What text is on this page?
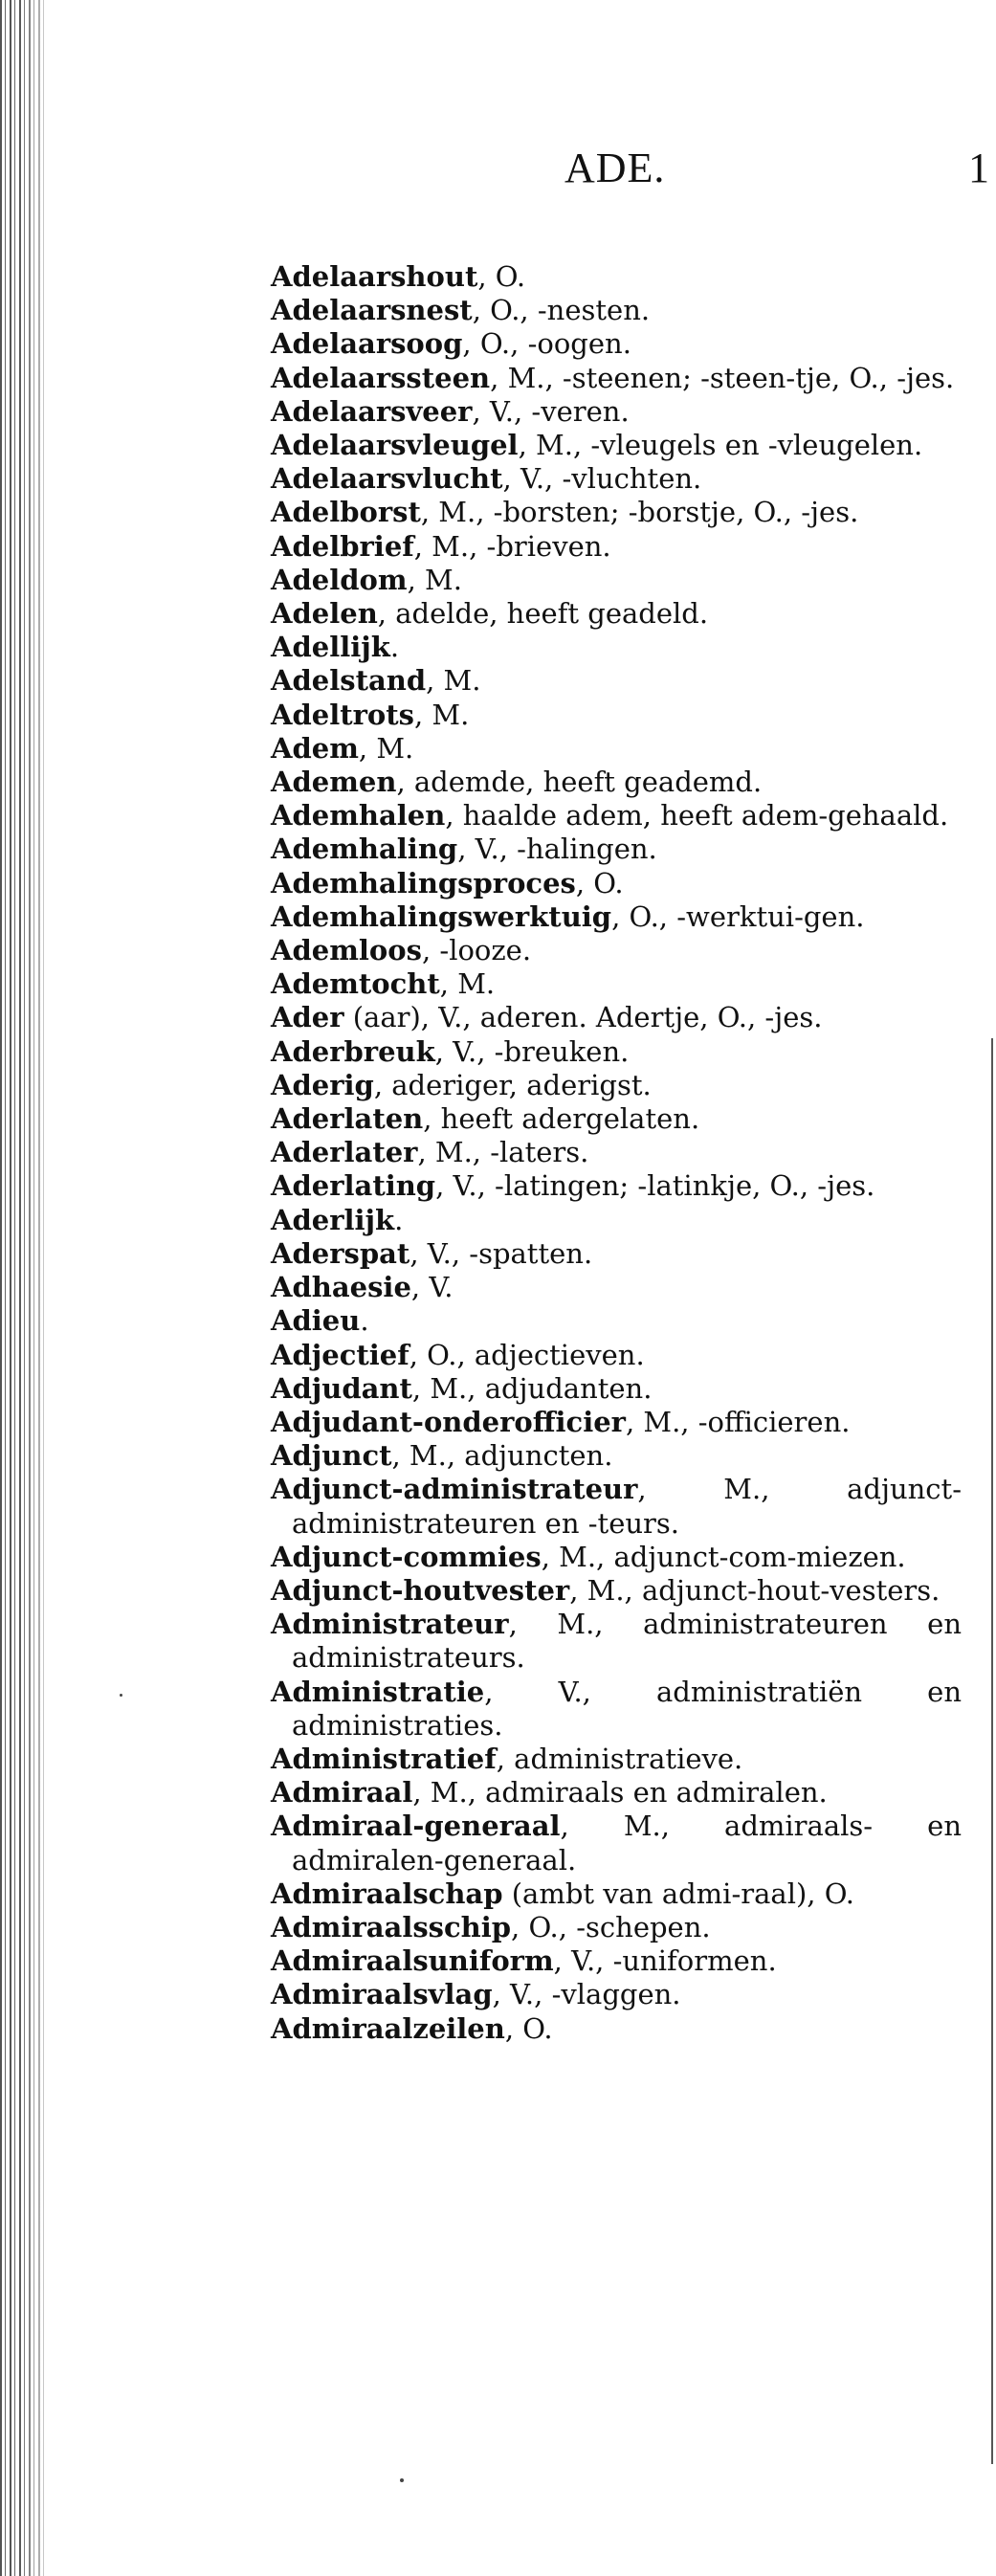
ADE.	1
Adelaarshout, O.
Adelaarsnest, O., -nesten.
Adelaarsoog, O., -oogen.
Adelaarssteen, M., -steenen; -steen-tje, O., -jes.
Adelaarsveer, V., -veren.
Adelaarsvleugel, M., -vleugels en -vleugelen.
Adelaarsvlucht, V., -vluchten.
Adelborst, M., -borsten; -borstje, O., -jes.
Adelbrief, M., -brieven.
Adeldom, M.
Adelen, adelde, heeft geadeld.
Adellijk.
Adelstand, M.
Adeltrots, M.
Adem, M.
Ademen, ademde, heeft geademd.
Ademhalen, haalde adem, heeft adem-gehaald.
Ademhaling, V., -halingen.
Ademhalingsproces, O.
Ademhalingswerktuig, O., -werktui-gen.
Ademloos, -looze.
Ademtocht, M.
Ader (aar), V., aderen. Adertje, O., -jes.
Aderbreuk, V., -breuken.
Aderig, aderiger, aderigst.
Aderlaten, heeft adergelaten.
Aderlater, M., -laters.
Aderlating, V., -latingen; -latinkje, O., -jes.
Aderlijk.
Aderspat, V., -spatten.
Adhaesie, V.
Adieu.
Adjectief, O., adjectieven.
Adjudant, M., adjudanten.
Adjudant-onderofficier, M., -officieren.
Adjunct, M., adjuncten.
Adjunct-administrateur, M., adjunct-administrateuren en -teurs.
Adjunct-commies, M., adjunct-com-miezen.
Adjunct-houtvester, M., adjunct-hout-vesters.
Administrateur, M., administrateuren en administrateurs.
Administratie, V., administratiën en administraties.
Administratief, administratieve.
Admiraal, M., admiraals en admiralen.
Admiraal-generaal, M., admiraals- en admiralen-generaal.
Admiraalschap (ambt van admi-raal), O.
Admiraalsschip, O., -schepen.
Admiraalsuniform, V., -uniformen.
Admiraalsvlag, V., -vlaggen.
Admiraalzeilen, O.
